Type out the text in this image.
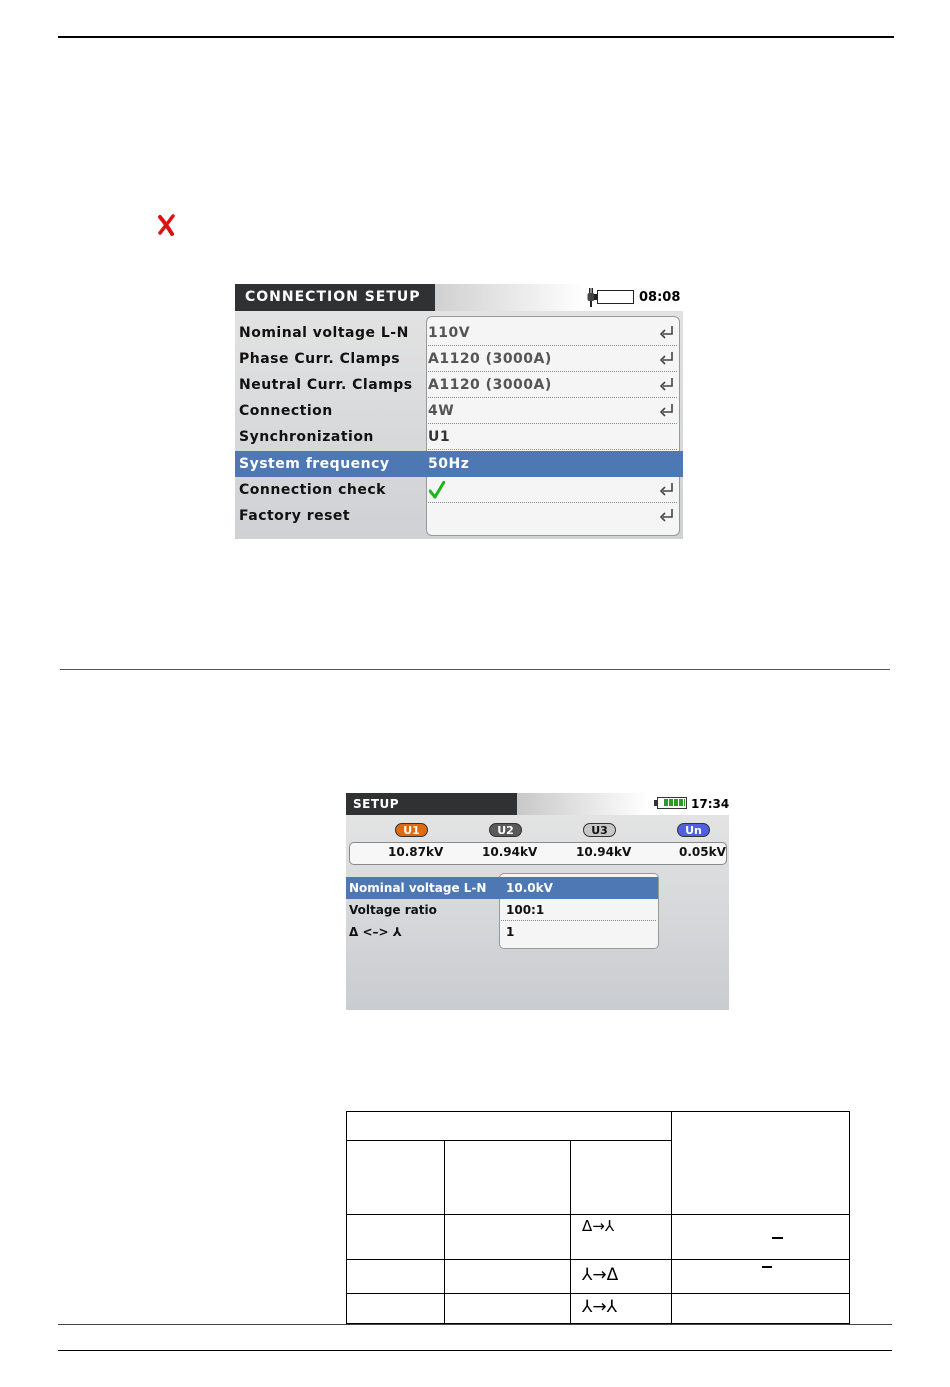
CONNECTION SETUP	08:08
Nominal voltage L-N 110V
Phase Curr. Clamps A1120 (3000A)
Neutral Curr. Clamps A1120 (3000A)
Connection	4W
Synchronization	U1
System frequency	50Hz
Connection check
Factory reset
SETUP	17:34
U1	U2	U3	Un
10.87kV	10.94kV	10.94kV	0.05kV
Nominal voltage L-N 10.0kV
Voltage ratio	100:1
Δ <–> ⅄	1
Δ→⅄
⅄→Δ
⅄→⅄
